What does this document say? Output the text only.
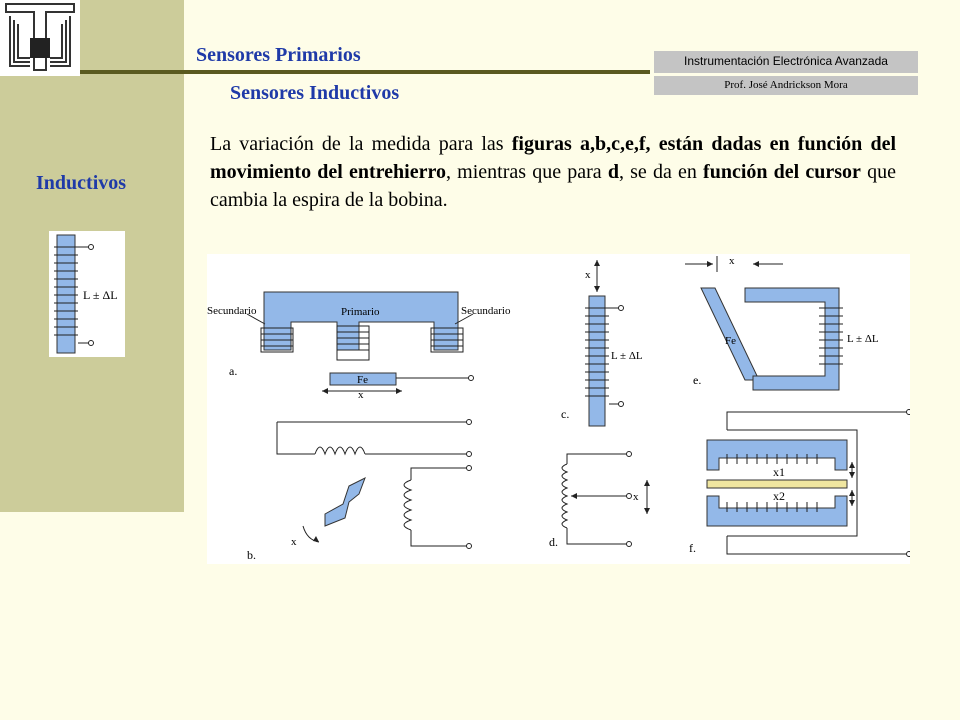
Sensores Primarios
Sensores Inductivos
Instrumentación Electrónica Avanzada
Prof. José Andrickson Mora
Inductivos
L ± ΔL
La variación de la medida para las figuras a,b,c,e,f, están dadas en función del movimiento del entrehierro, mientras que para d, se da en función del cursor que cambia la espira de la bobina.
Secundario	Primario	Secundario
Fe
x
a.
x
b.
x
L ± ΔL
c.
x
d.
x
L ± ΔL
Fe
e.
x1
x2
f.
